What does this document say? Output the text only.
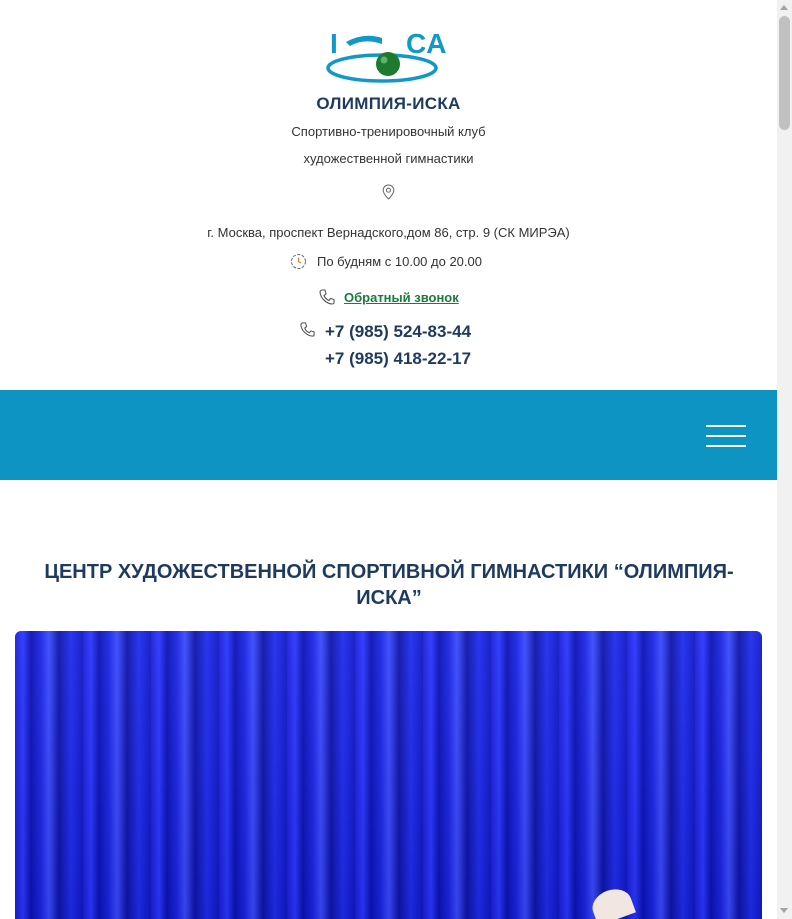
I CA
ОЛИМПИЯ-ИСКА
Спортивно-тренировочный клуб
художественной гимнастики
г. Москва, проспект Вернадского,дом 86, стр. 9 (СК МИРЭА)
По будням с 10.00 до 20.00
Обратный звонок
+7 (985) 524-83-44
+7 (985) 418-22-17
ЦЕНТР ХУДОЖЕСТВЕННОЙ СПОРТИВНОЙ ГИМНАСТИКИ “ОЛИМПИЯ-ИСКА”
